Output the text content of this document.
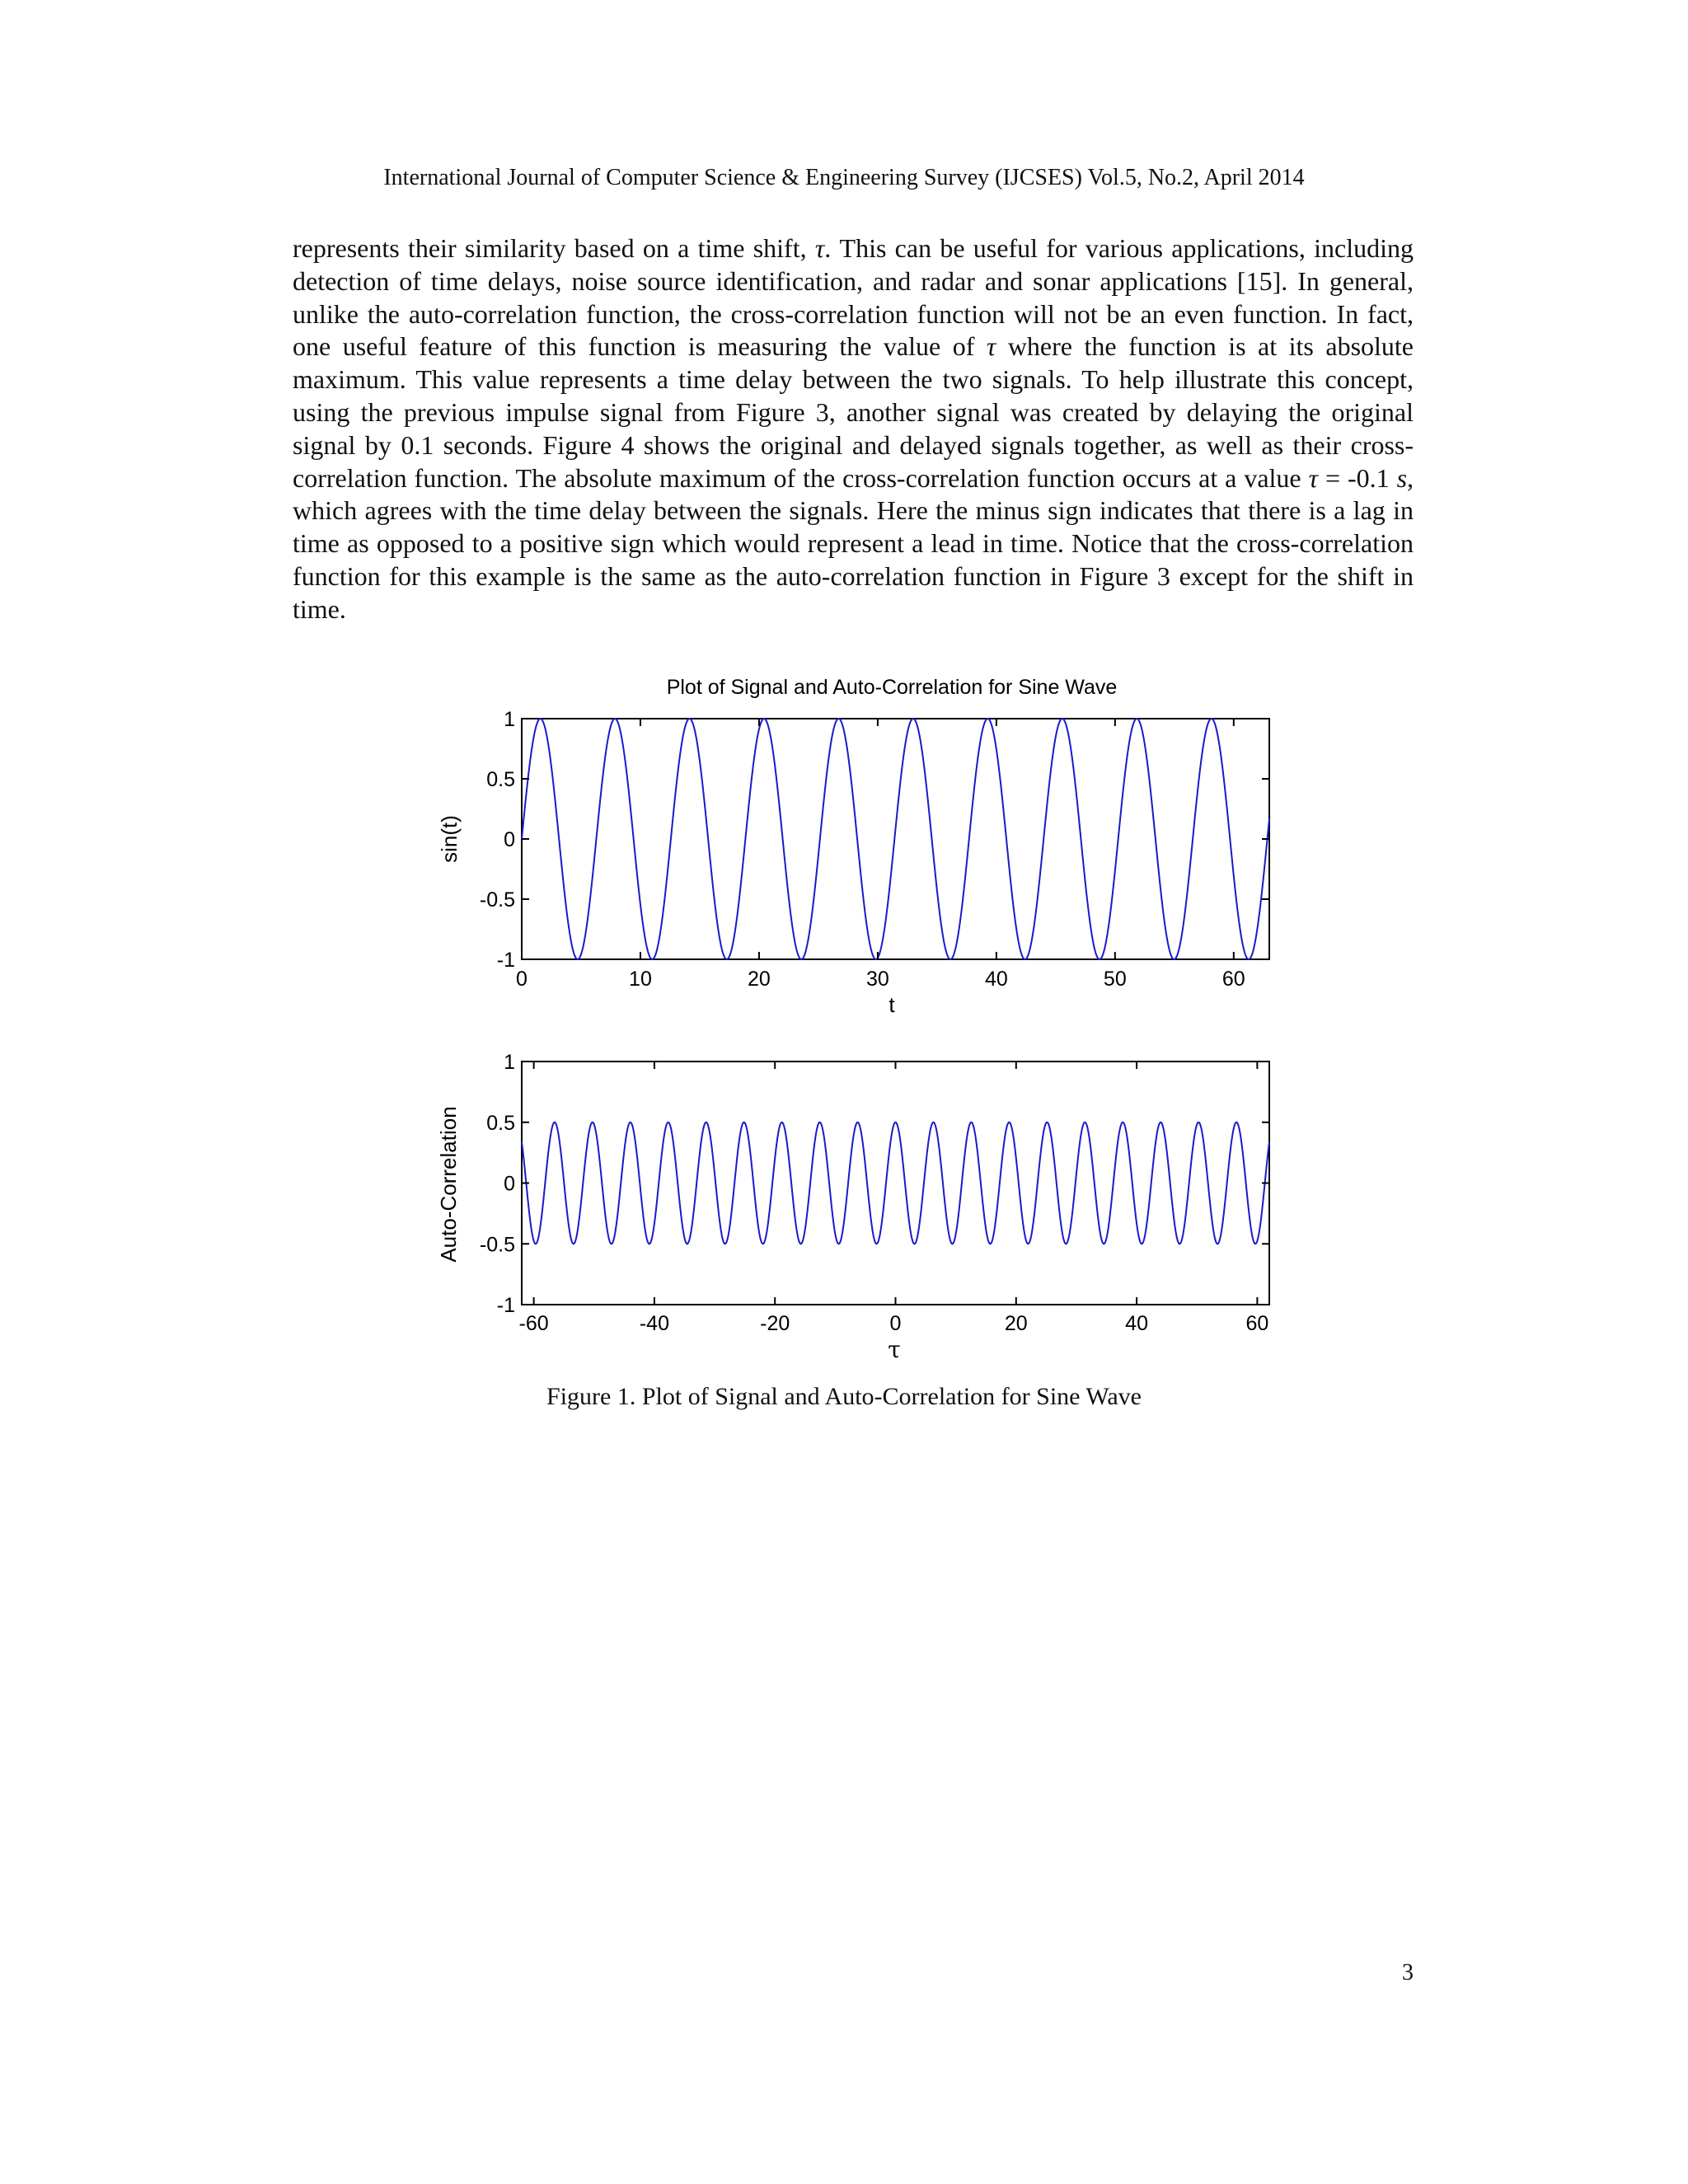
International Journal of Computer Science & Engineering Survey (IJCSES) Vol.5, No.2, April 2014

represents their similarity based on a time shift, τ. This can be useful for various applications, including detection of time delays, noise source identification, and radar and sonar applications [15]. In general, unlike the auto-correlation function, the cross-correlation function will not be an even function. In fact, one useful feature of this function is measuring the value of τ where the function is at its absolute maximum. This value represents a time delay between the two signals. To help illustrate this concept, using the previous impulse signal from Figure 3, another signal was created by delaying the original signal by 0.1 seconds. Figure 4 shows the original and delayed signals together, as well as their cross-correlation function. The absolute maximum of the cross-correlation function occurs at a value τ = -0.1 s, which agrees with the time delay between the signals. Here the minus sign indicates that there is a lag in time as opposed to a positive sign which would represent a lead in time. Notice that the cross-correlation function for this example is the same as the auto-correlation function in Figure 3 except for the shift in time.

Plot of Signal and Auto-Correlation for Sine Wave
0	10	20	30	40	50	60
1
0.5
0
-0.5
-1
t
sin(t)
-60	-40	-20	0	20	40	60
1
0.5
0
-0.5
-1
τ
Auto-Correlation
Figure 1. Plot of Signal and Auto-Correlation for Sine Wave
3
